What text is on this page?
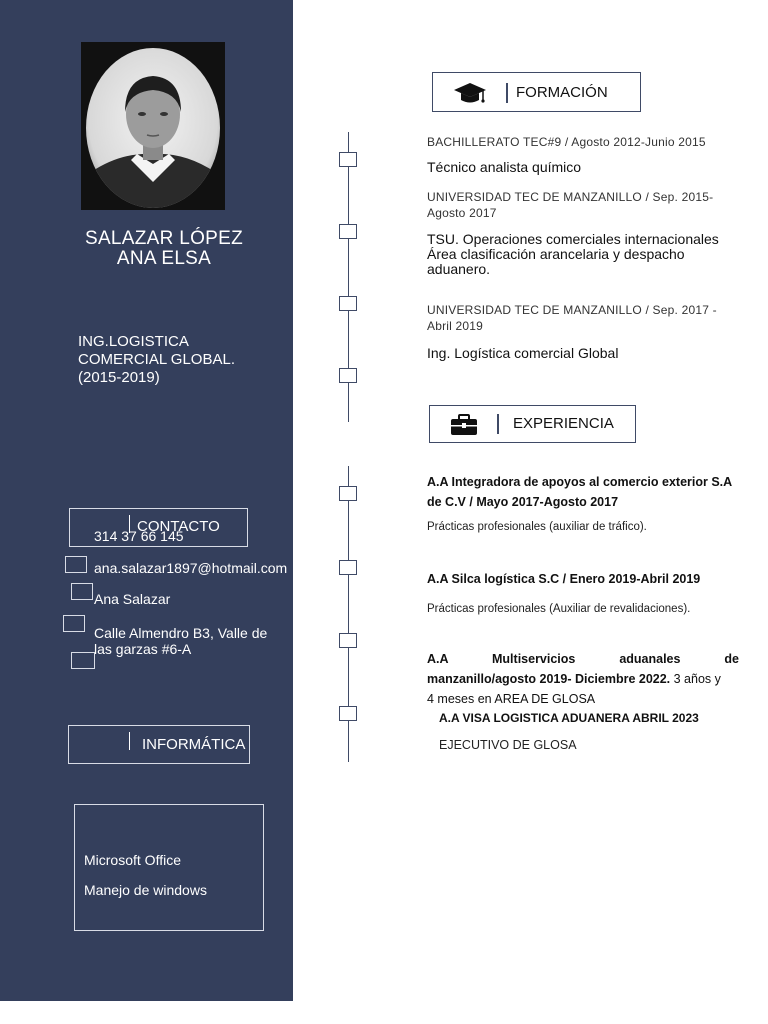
SALAZAR LÓPEZ
ANA ELSA
ING.LOGISTICA
COMERCIAL GLOBAL.
(2015-2019)
CONTACTO
314 37 66 145
ana.salazar1897@hotmail.com
Ana Salazar
Calle Almendro B3, Valle de
las garzas #6-A
INFORMÁTICA
Microsoft Office
Manejo de windows
FORMACIÓN
BACHILLERATO TEC#9 / Agosto 2012-Junio 2015
Técnico analista químico
UNIVERSIDAD TEC DE MANZANILLO / Sep. 2015-
Agosto 2017
TSU. Operaciones comerciales internacionales
Área clasificación arancelaria y despacho
aduanero.
UNIVERSIDAD TEC DE MANZANILLO / Sep. 2017 -
Abril 2019
Ing. Logística comercial Global
EXPERIENCIA
A.A Integradora de apoyos al comercio exterior S.A
de C.V / Mayo 2017-Agosto 2017
Prácticas profesionales (auxiliar de tráfico).
A.A Silca logística S.C / Enero 2019-Abril 2019
Prácticas profesionales (Auxiliar de revalidaciones).
A.A Multiservicios aduanales de
manzanillo/agosto 2019- Diciembre 2022. 3 años y
4 meses en AREA DE GLOSA
A.A VISA LOGISTICA ADUANERA ABRIL 2023
EJECUTIVO DE GLOSA
